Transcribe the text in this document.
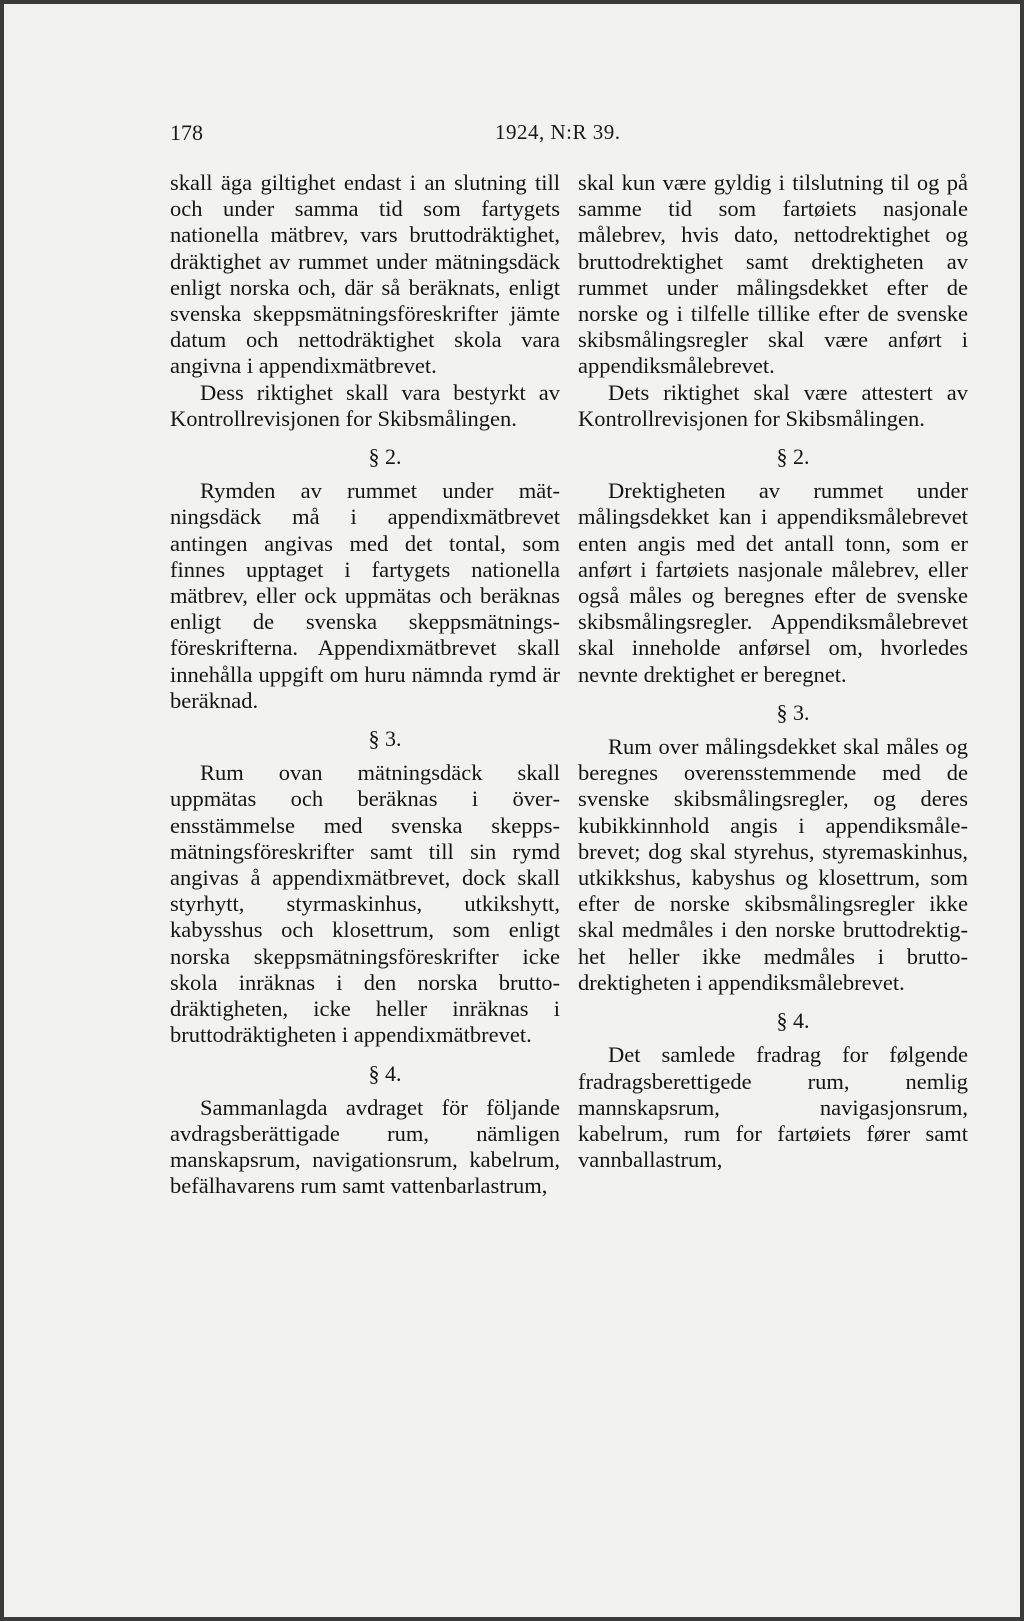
178	1924, N:R 39.

skall äga giltighet endast i an slutning till och under samma tid som fartygets nationella mätbrev, vars bruttodräktighet, dräktighet av rummet under mätningsdäck enligt norska och, där så beräknats, enligt svenska skeppsmätningsföreskrifter jämte datum och nettodräktighet skola vara angivna i appendixmätbrevet.

Dess riktighet skall vara bestyrkt av Kontrollrevisjonen for Skibsmålingen.

§ 2.

Rymden av rummet under mätningsdäck må i appendixmätbrevet antingen angivas med det tontal, som finnes upptaget i fartygets nationella mätbrev, eller ock uppmätas och beräknas enligt de svenska skeppsmätningsföreskrifterna. Appendixmätbrevet skall innehålla uppgift om huru nämnda rymd är beräknad.

§ 3.

Rum ovan mätningsdäck skall uppmätas och beräknas i överensstämmelse med svenska skeppsmätningsföreskrifter samt till sin rymd angivas å appendixmätbrevet, dock skall styrhytt, styrmaskinhus, utkikshytt, kabysshus och klosettrum, som enligt norska skeppsmätningsföreskrifter icke skola inräknas i den norska bruttodräktigheten, icke heller inräknas i bruttodräktigheten i appendixmätbrevet.

§ 4.

Sammanlagda avdraget för följande avdragsberättigade rum, nämligen manskapsrum, navigationsrum, kabelrum, befälhavarens rum samt vattenbarlastrum,

skal kun være gyldig i tilslutning til og på samme tid som fartøiets nasjonale målebrev, hvis dato, nettodrektighet og bruttodrektighet samt drektigheten av rummet under målingsdekket efter de norske og i tilfelle tillike efter de svenske skibsmålingsregler skal være anført i appendiksmålebrevet.

Dets riktighet skal være attestert av Kontrollrevisjonen for Skibsmålingen.

§ 2.

Drektigheten av rummet under målingsdekket kan i appendiksmålebrevet enten angis med det antall tonn, som er anført i fartøiets nasjonale målebrev, eller også måles og beregnes efter de svenske skibsmålingsregler. Appendiksmålebrevet skal inneholde anførsel om, hvorledes nevnte drektighet er beregnet.

§ 3.

Rum over målingsdekket skal måles og beregnes overensstemmende med de svenske skibsmålingsregler, og deres kubikkinnhold angis i appendiksmålebrevet; dog skal styrehus, styremaskinhus, utkikkshus, kabyshus og klosettrum, som efter de norske skibsmålingsregler ikke skal medmåles i den norske bruttodrektighet heller ikke medmåles i bruttodrektigheten i appendiksmålebrevet.

§ 4.

Det samlede fradrag for følgende fradragsberettigede rum, nemlig mannskapsrum, navigasjonsrum, kabelrum, rum for fartøiets fører samt vannballastrum,
